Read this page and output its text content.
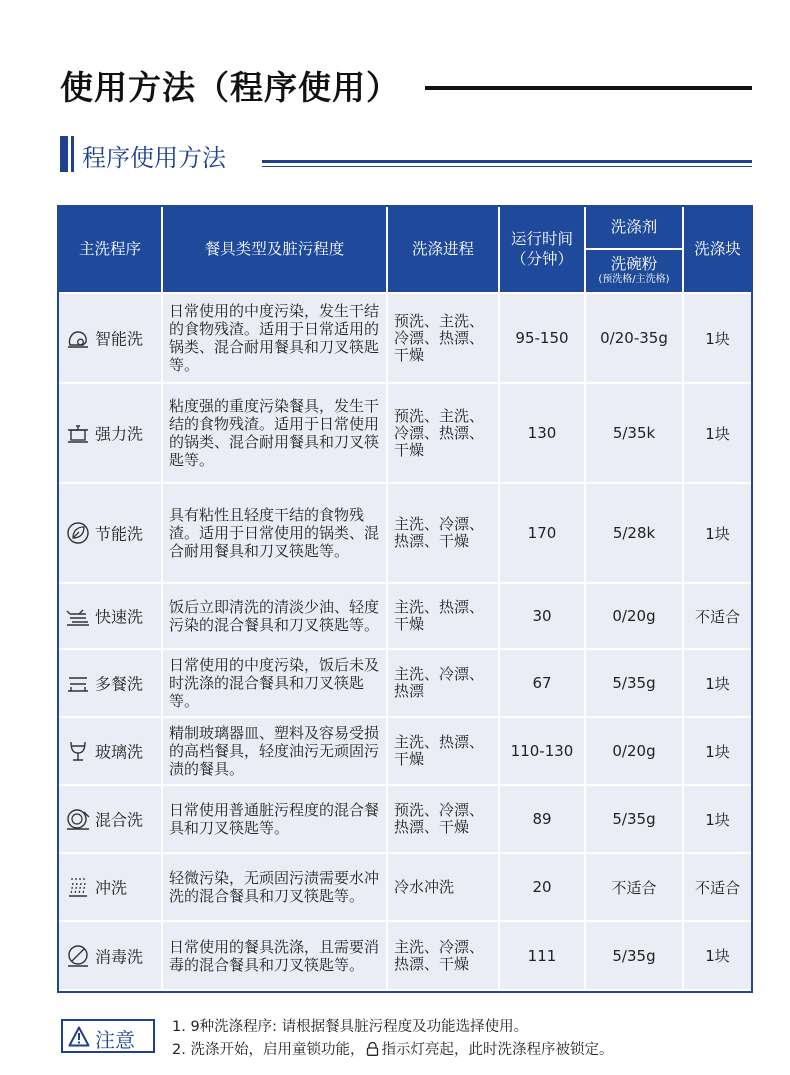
使用方法（程序使用）
程序使用方法
主洗程序	餐具类型及脏污程度	洗涤进程	运行时间（分钟）	洗涤剂	洗涤块
				洗碗粉
(预洗格/主洗格)	

智能洗	日常使用的中度污染，发生干结的食物残渣。适用于日常适用的锅类、混合耐用餐具和刀叉筷匙等。	预洗、主洗、冷漂、热漂、干燥	95-150	0/20-35g	1块

强力洗	粘度强的重度污染餐具，发生干结的食物残渣。适用于日常使用的锅类、混合耐用餐具和刀叉筷匙等。	预洗、主洗、冷漂、热漂、干燥	130	5/35k	1块

节能洗	具有粘性且轻度干结的食物残渣。适用于日常使用的锅类、混合耐用餐具和刀叉筷匙等。	主洗、冷漂、热漂、干燥	170	5/28k	1块

快速洗	饭后立即清洗的清淡少油、轻度污染的混合餐具和刀叉筷匙等。	主洗、热漂、干燥	30	0/20g	不适合

多餐洗	日常使用的中度污染，饭后未及时洗涤的混合餐具和刀叉筷匙等。	主洗、冷漂、热漂	67	5/35g	1块

玻璃洗	精制玻璃器皿、塑料及容易受损的高档餐具，轻度油污无顽固污渍的餐具。	主洗、热漂、干燥	110-130	0/20g	1块

混合洗	日常使用普通脏污程度的混合餐具和刀叉筷匙等。	预洗、冷漂、热漂、干燥	89	5/35g	1块

冲洗	轻微污染，无顽固污渍需要水冲洗的混合餐具和刀叉筷匙等。	冷水冲洗	20	不适合	不适合

消毒洗	日常使用的餐具洗涤，且需要消毒的混合餐具和刀叉筷匙等。	主洗、冷漂、热漂、干燥	111	5/35g	1块
注意
1. 9种洗涤程序: 请根据餐具脏污程度及功能选择使用。
2. 洗涤开始，启用童锁功能， 指示灯亮起，此时洗涤程序被锁定。
